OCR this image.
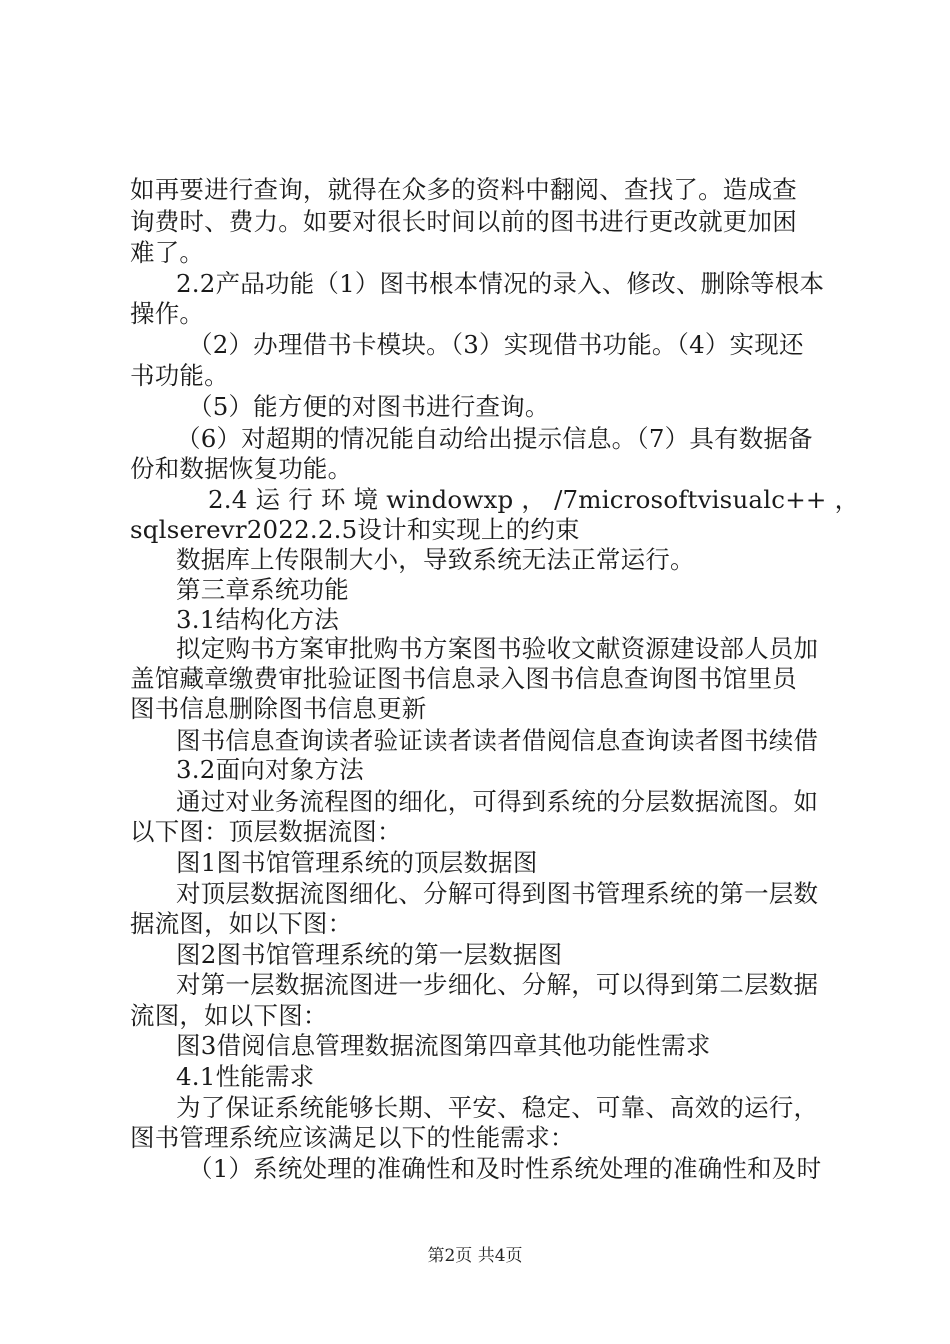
如再要进行查询，就得在众多的资料中翻阅、查找了。造成查
询费时、费力。如要对很长时间以前的图书进行更改就更加困
难了。
2.2产品功能（1）图书根本情况的录入、修改、删除等根本
操作。
（2）办理借书卡模块。（3）实现借书功能。（4）实现还
书功能。
（5）能方便的对图书进行查询。
（6）对超期的情况能自动给出提示信息。（7）具有数据备
份和数据恢复功能。
2.4 运 行 环 境 windowxp ， /7microsoftvisualc++ ，
sqlserevr2022.2.5设计和实现上的约束
数据库上传限制大小，导致系统无法正常运行。
第三章系统功能
3.1结构化方法
拟定购书方案审批购书方案图书验收文献资源建设部人员加
盖馆藏章缴费审批验证图书信息录入图书信息查询图书馆里员
图书信息删除图书信息更新
图书信息查询读者验证读者读者借阅信息查询读者图书续借
3.2面向对象方法
通过对业务流程图的细化，可得到系统的分层数据流图。如
以下图：顶层数据流图：
图1图书馆管理系统的顶层数据图
对顶层数据流图细化、分解可得到图书管理系统的第一层数
据流图，如以下图：
图2图书馆管理系统的第一层数据图
对第一层数据流图进一步细化、分解，可以得到第二层数据
流图，如以下图：
图3借阅信息管理数据流图第四章其他功能性需求
4.1性能需求
为了保证系统能够长期、平安、稳定、可靠、高效的运行，
图书管理系统应该满足以下的性能需求：
（1）系统处理的准确性和及时性系统处理的准确性和及时
第2页 共4页
